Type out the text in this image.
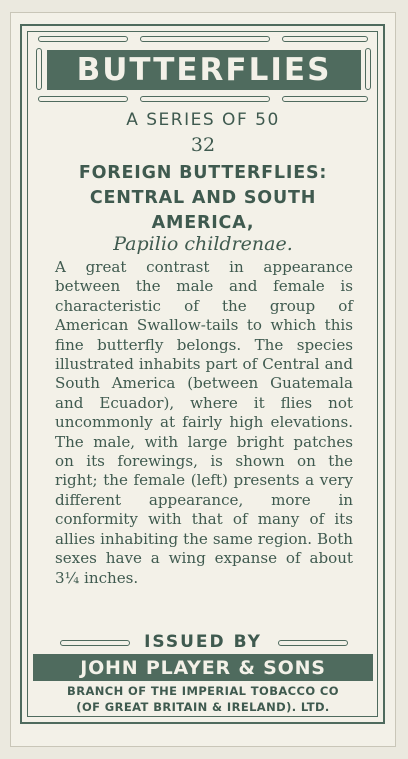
BUTTERFLIES
A SERIES OF 50
32
FOREIGN BUTTERFLIES:
CENTRAL AND SOUTH
AMERICA,
Papilio childrenae.
A great contrast in appearance between the male and female is characteristic of the group of American Swallow-tails to which this fine butterfly belongs. The species illustrated inhabits part of Central and South America (between Guatemala and Ecuador), where it flies not uncommonly at fairly high elevations. The male, with large bright patches on its forewings, is shown on the right; the female (left) presents a very different appearance, more in conformity with that of many of its allies inhabiting the same region. Both sexes have a wing expanse of about 3¼ inches.
ISSUED BY
JOHN PLAYER & SONS
BRANCH OF THE IMPERIAL TOBACCO CO
(OF GREAT BRITAIN & IRELAND). LTD.
